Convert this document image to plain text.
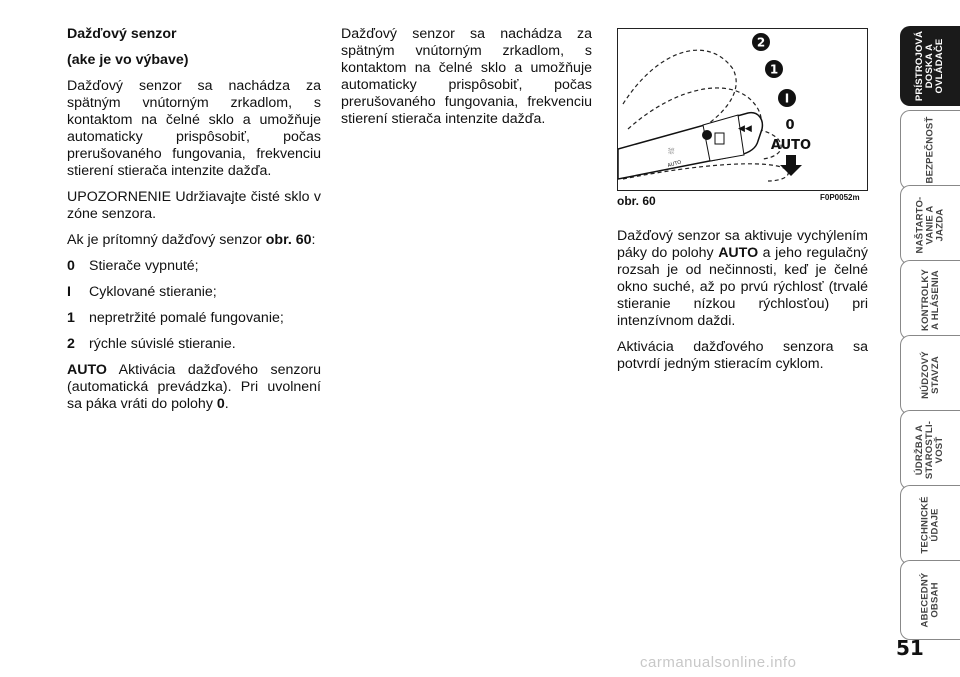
Dažďový senzor

(ake je vo výbave)

Dažďový senzor sa nachádza za spätným vnútorným zrkadlom, s kontaktom na čelné sklo a umožňuje automaticky prispôsobiť, počas prerušovaného fungovania, frekvenciu stierení stierača intenzite dažďa.

UPOZORNENIE Udržiavajte čisté sklo v zóne senzora.

Ak je prítomný dažďový senzor obr. 60:

0 Stierače vypnuté;
I	Cyklované stieranie;
1 nepretržité pomalé fungovanie;
2 rýchle súvislé stieranie.

AUTO Aktivácia dažďového senzoru (automatická prevádzka). Pri uvolnení sa páka vráti do polohy 0.

Dažďový senzor sa nachádza za spätným vnútorným zrkadlom, s kontaktom na čelné sklo a umožňuje automaticky prispôsobiť, počas prerušovaného fungovania, frekvenciu stierení stierača intenzite dažďa.

⛆
AUTO
◀◀
2
1
I
0
AUTO
obr. 60	F0P0052m

Dažďový senzor sa aktivuje vychýlením páky do polohy AUTO a jeho regulačný rozsah je od nečinnosti, keď je čelné okno suché, až po prvú rýchlosť (trvalé stieranie nízkou rýchlosťou) pri intenzívnom daždi.

Aktivácia dažďového senzora sa potvrdí jedným stieracím cyklom.

PRÍSTROJOVÁ
DOSKA A
OVLÁDAČE
BEZPEČNOSŤ
NAŠTARTO-
VANIE A
JAZDA
KONTROLKY
A HLÁSENIA
NÚDZOVÝ
STAVZA
ÚDRŽBA A
STAROSTLI-
VOSŤ
TECHNICKÉ
ÚDAJE
ABECEDNÝ
OBSAH
51
carmanualsonline.info
